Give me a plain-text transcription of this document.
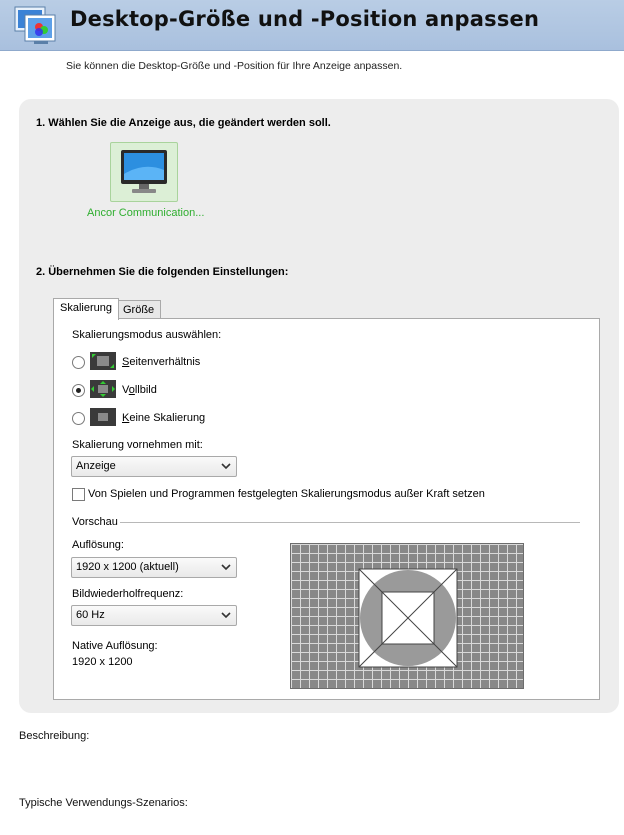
Desktop-Größe und -Position anpassen
Sie können die Desktop-Größe und -Position für Ihre Anzeige anpassen.
1. Wählen Sie die Anzeige aus, die geändert werden soll.
Ancor Communication...
2. Übernehmen Sie die folgenden Einstellungen:
Skalierung	Größe
Skalierungsmodus auswählen:
Seitenverhältnis
Vollbild
Keine Skalierung
Skalierung vornehmen mit:
Anzeige
Von Spielen und Programmen festgelegten Skalierungsmodus außer Kraft setzen
Vorschau
Auflösung:
1920 x 1200 (aktuell)
Bildwiederholfrequenz:
60 Hz
Native Auflösung:
1920 x 1200
Beschreibung:
Typische Verwendungs-Szenarios:
